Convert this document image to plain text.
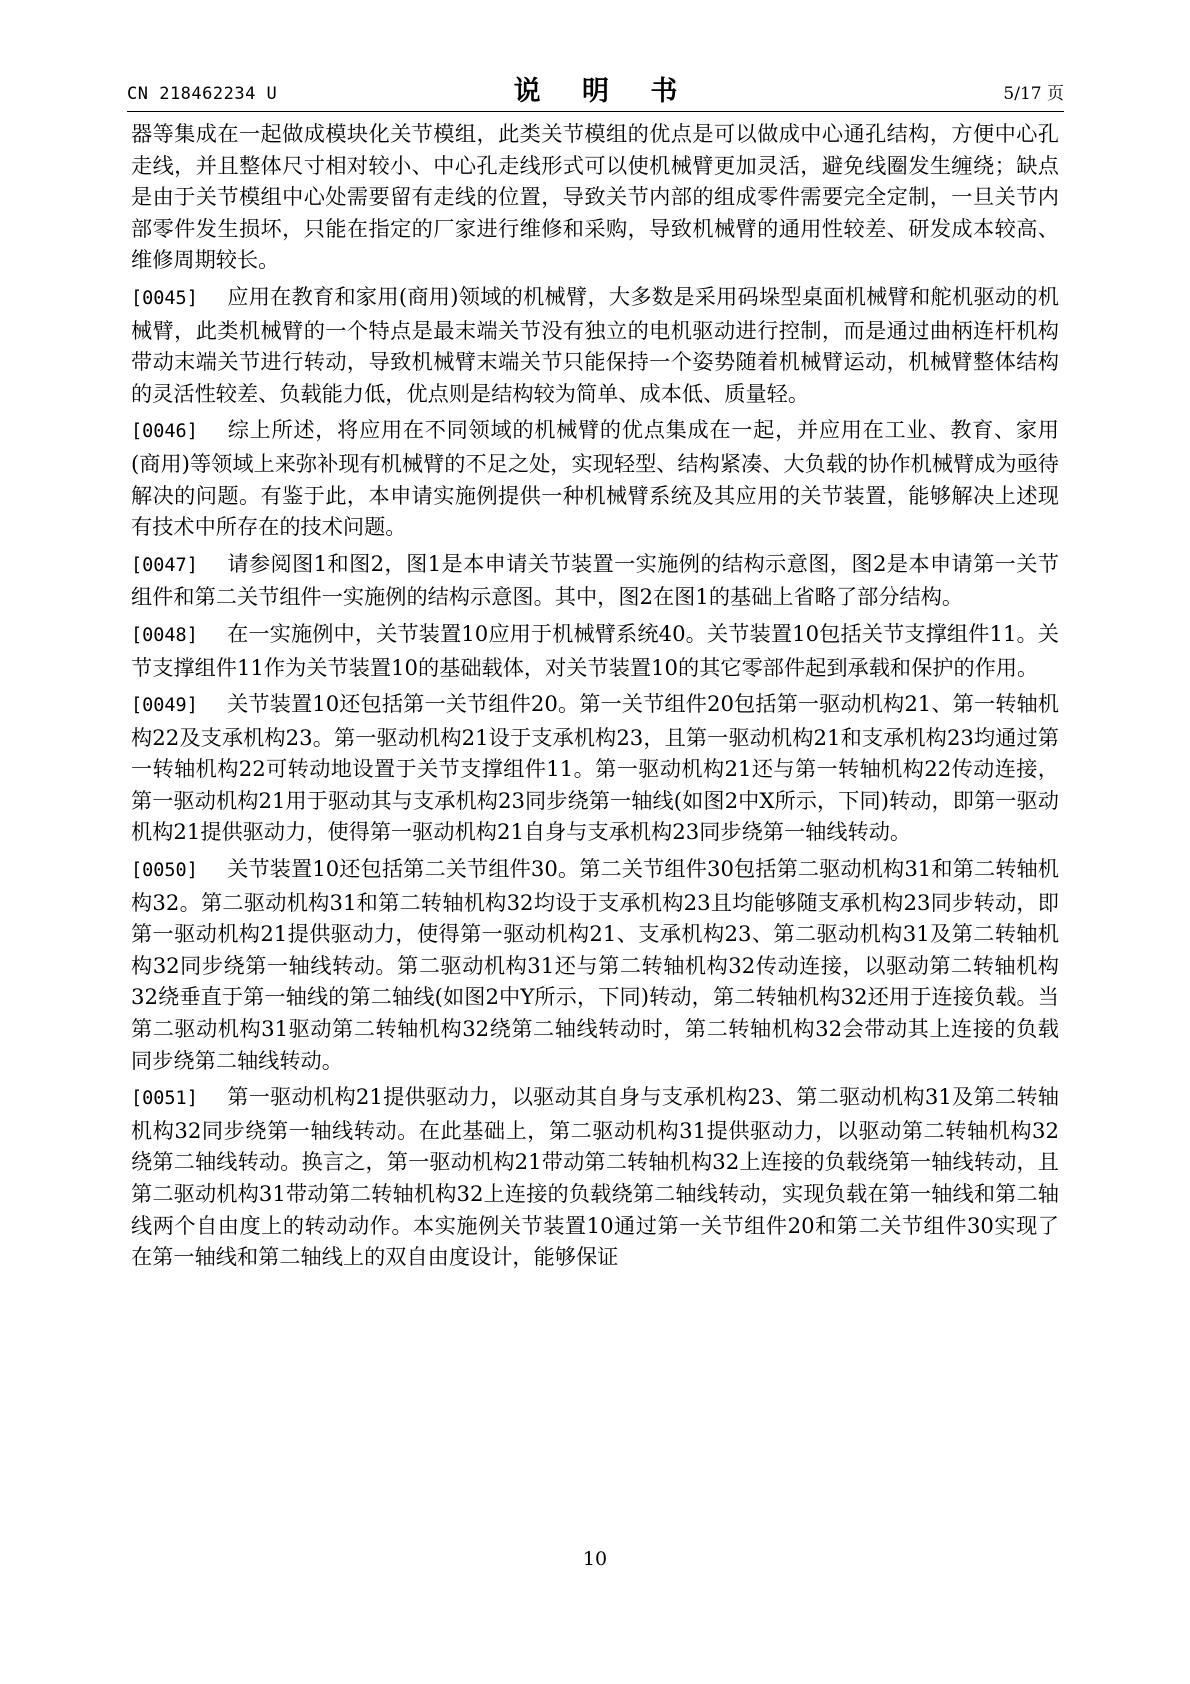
CN 218462234 U	说 明 书	5/17 页

器等集成在一起做成模块化关节模组，此类关节模组的优点是可以做成中心通孔结构，方便中心孔走线，并且整体尺寸相对较小、中心孔走线形式可以使机械臂更加灵活，避免线圈发生缠绕；缺点是由于关节模组中心处需要留有走线的位置，导致关节内部的组成零件需要完全定制，一旦关节内部零件发生损坏，只能在指定的厂家进行维修和采购，导致机械臂的通用性较差、研发成本较高、维修周期较长。

[0045] 应用在教育和家用(商用)领域的机械臂，大多数是采用码垛型桌面机械臂和舵机驱动的机械臂，此类机械臂的一个特点是最末端关节没有独立的电机驱动进行控制，而是通过曲柄连杆机构带动末端关节进行转动，导致机械臂末端关节只能保持一个姿势随着机械臂运动，机械臂整体结构的灵活性较差、负载能力低，优点则是结构较为简单、成本低、质量轻。

[0046] 综上所述，将应用在不同领域的机械臂的优点集成在一起，并应用在工业、教育、家用(商用)等领域上来弥补现有机械臂的不足之处，实现轻型、结构紧凑、大负载的协作机械臂成为亟待解决的问题。有鉴于此，本申请实施例提供一种机械臂系统及其应用的关节装置，能够解决上述现有技术中所存在的技术问题。

[0047] 请参阅图1和图2，图1是本申请关节装置一实施例的结构示意图，图2是本申请第一关节组件和第二关节组件一实施例的结构示意图。其中，图2在图1的基础上省略了部分结构。

[0048] 在一实施例中，关节装置10应用于机械臂系统40。关节装置10包括关节支撑组件11。关节支撑组件11作为关节装置10的基础载体，对关节装置10的其它零部件起到承载和保护的作用。

[0049] 关节装置10还包括第一关节组件20。第一关节组件20包括第一驱动机构21、第一转轴机构22及支承机构23。第一驱动机构21设于支承机构23，且第一驱动机构21和支承机构23均通过第一转轴机构22可转动地设置于关节支撑组件11。第一驱动机构21还与第一转轴机构22传动连接，第一驱动机构21用于驱动其与支承机构23同步绕第一轴线(如图2中X所示，下同)转动，即第一驱动机构21提供驱动力，使得第一驱动机构21自身与支承机构23同步绕第一轴线转动。

[0050] 关节装置10还包括第二关节组件30。第二关节组件30包括第二驱动机构31和第二转轴机构32。第二驱动机构31和第二转轴机构32均设于支承机构23且均能够随支承机构23同步转动，即第一驱动机构21提供驱动力，使得第一驱动机构21、支承机构23、第二驱动机构31及第二转轴机构32同步绕第一轴线转动。第二驱动机构31还与第二转轴机构32传动连接，以驱动第二转轴机构32绕垂直于第一轴线的第二轴线(如图2中Y所示，下同)转动，第二转轴机构32还用于连接负载。当第二驱动机构31驱动第二转轴机构32绕第二轴线转动时，第二转轴机构32会带动其上连接的负载同步绕第二轴线转动。

[0051] 第一驱动机构21提供驱动力，以驱动其自身与支承机构23、第二驱动机构31及第二转轴机构32同步绕第一轴线转动。在此基础上，第二驱动机构31提供驱动力，以驱动第二转轴机构32绕第二轴线转动。换言之，第一驱动机构21带动第二转轴机构32上连接的负载绕第一轴线转动，且第二驱动机构31带动第二转轴机构32上连接的负载绕第二轴线转动，实现负载在第一轴线和第二轴线两个自由度上的转动动作。本实施例关节装置10通过第一关节组件20和第二关节组件30实现了在第一轴线和第二轴线上的双自由度设计，能够保证

10
